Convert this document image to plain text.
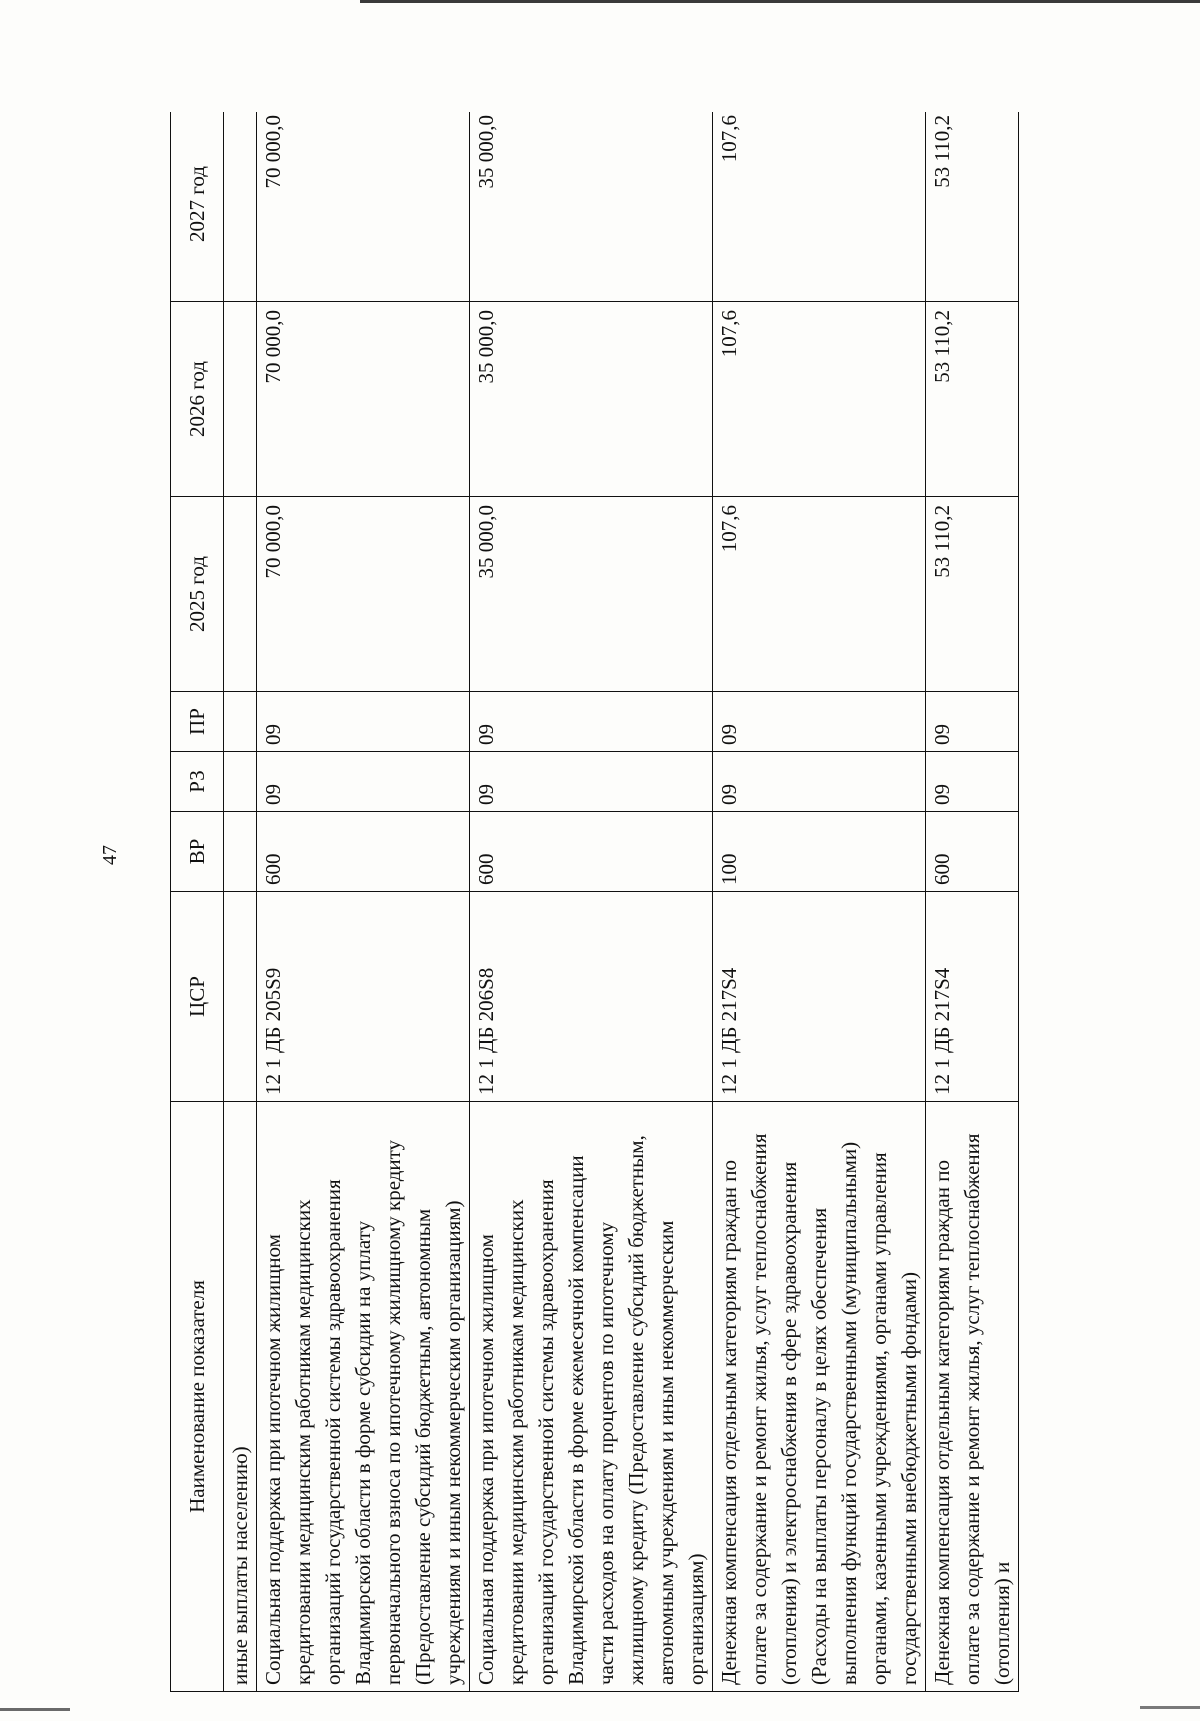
47
Наименование показателя	ЦСР	ВР	РЗ	ПР	2025 год	2026 год	2027 год
иные выплаты населению)							
Социальная поддержка при ипотечном жилищном кредитовании медицинским работникам медицинских организаций государственной системы здравоохранения Владимирской области в форме субсидии на уплату первоначального взноса по ипотечному жилищному кредиту (Предоставление субсидий бюджетным, автономным учреждениям и иным некоммерческим организациям)	12 1 ДБ 205S9	600	09	09	70 000,0	70 000,0	70 000,0
Социальная поддержка при ипотечном жилищном кредитовании медицинским работникам медицинских организаций государственной системы здравоохранения Владимирской области в форме ежемесячной компенсации части расходов на оплату процентов по ипотечному жилищному кредиту (Предоставление субсидий бюджетным, автономным учреждениям и иным некоммерческим организациям)	12 1 ДБ 206S8	600	09	09	35 000,0	35 000,0	35 000,0
Денежная компенсация отдельным категориям граждан по оплате за содержание и ремонт жилья, услуг теплоснабжения (отопления) и электроснабжения в сфере здравоохранения (Расходы на выплаты персоналу в целях обеспечения выполнения функций государственными (муниципальными) органами, казенными учреждениями, органами управления государственными внебюджетными фондами)	12 1 ДБ 217S4	100	09	09	107,6	107,6	107,6
Денежная компенсация отдельным категориям граждан по оплате за содержание и ремонт жилья, услуг теплоснабжения (отопления) и	12 1 ДБ 217S4	600	09	09	53 110,2	53 110,2	53 110,2
